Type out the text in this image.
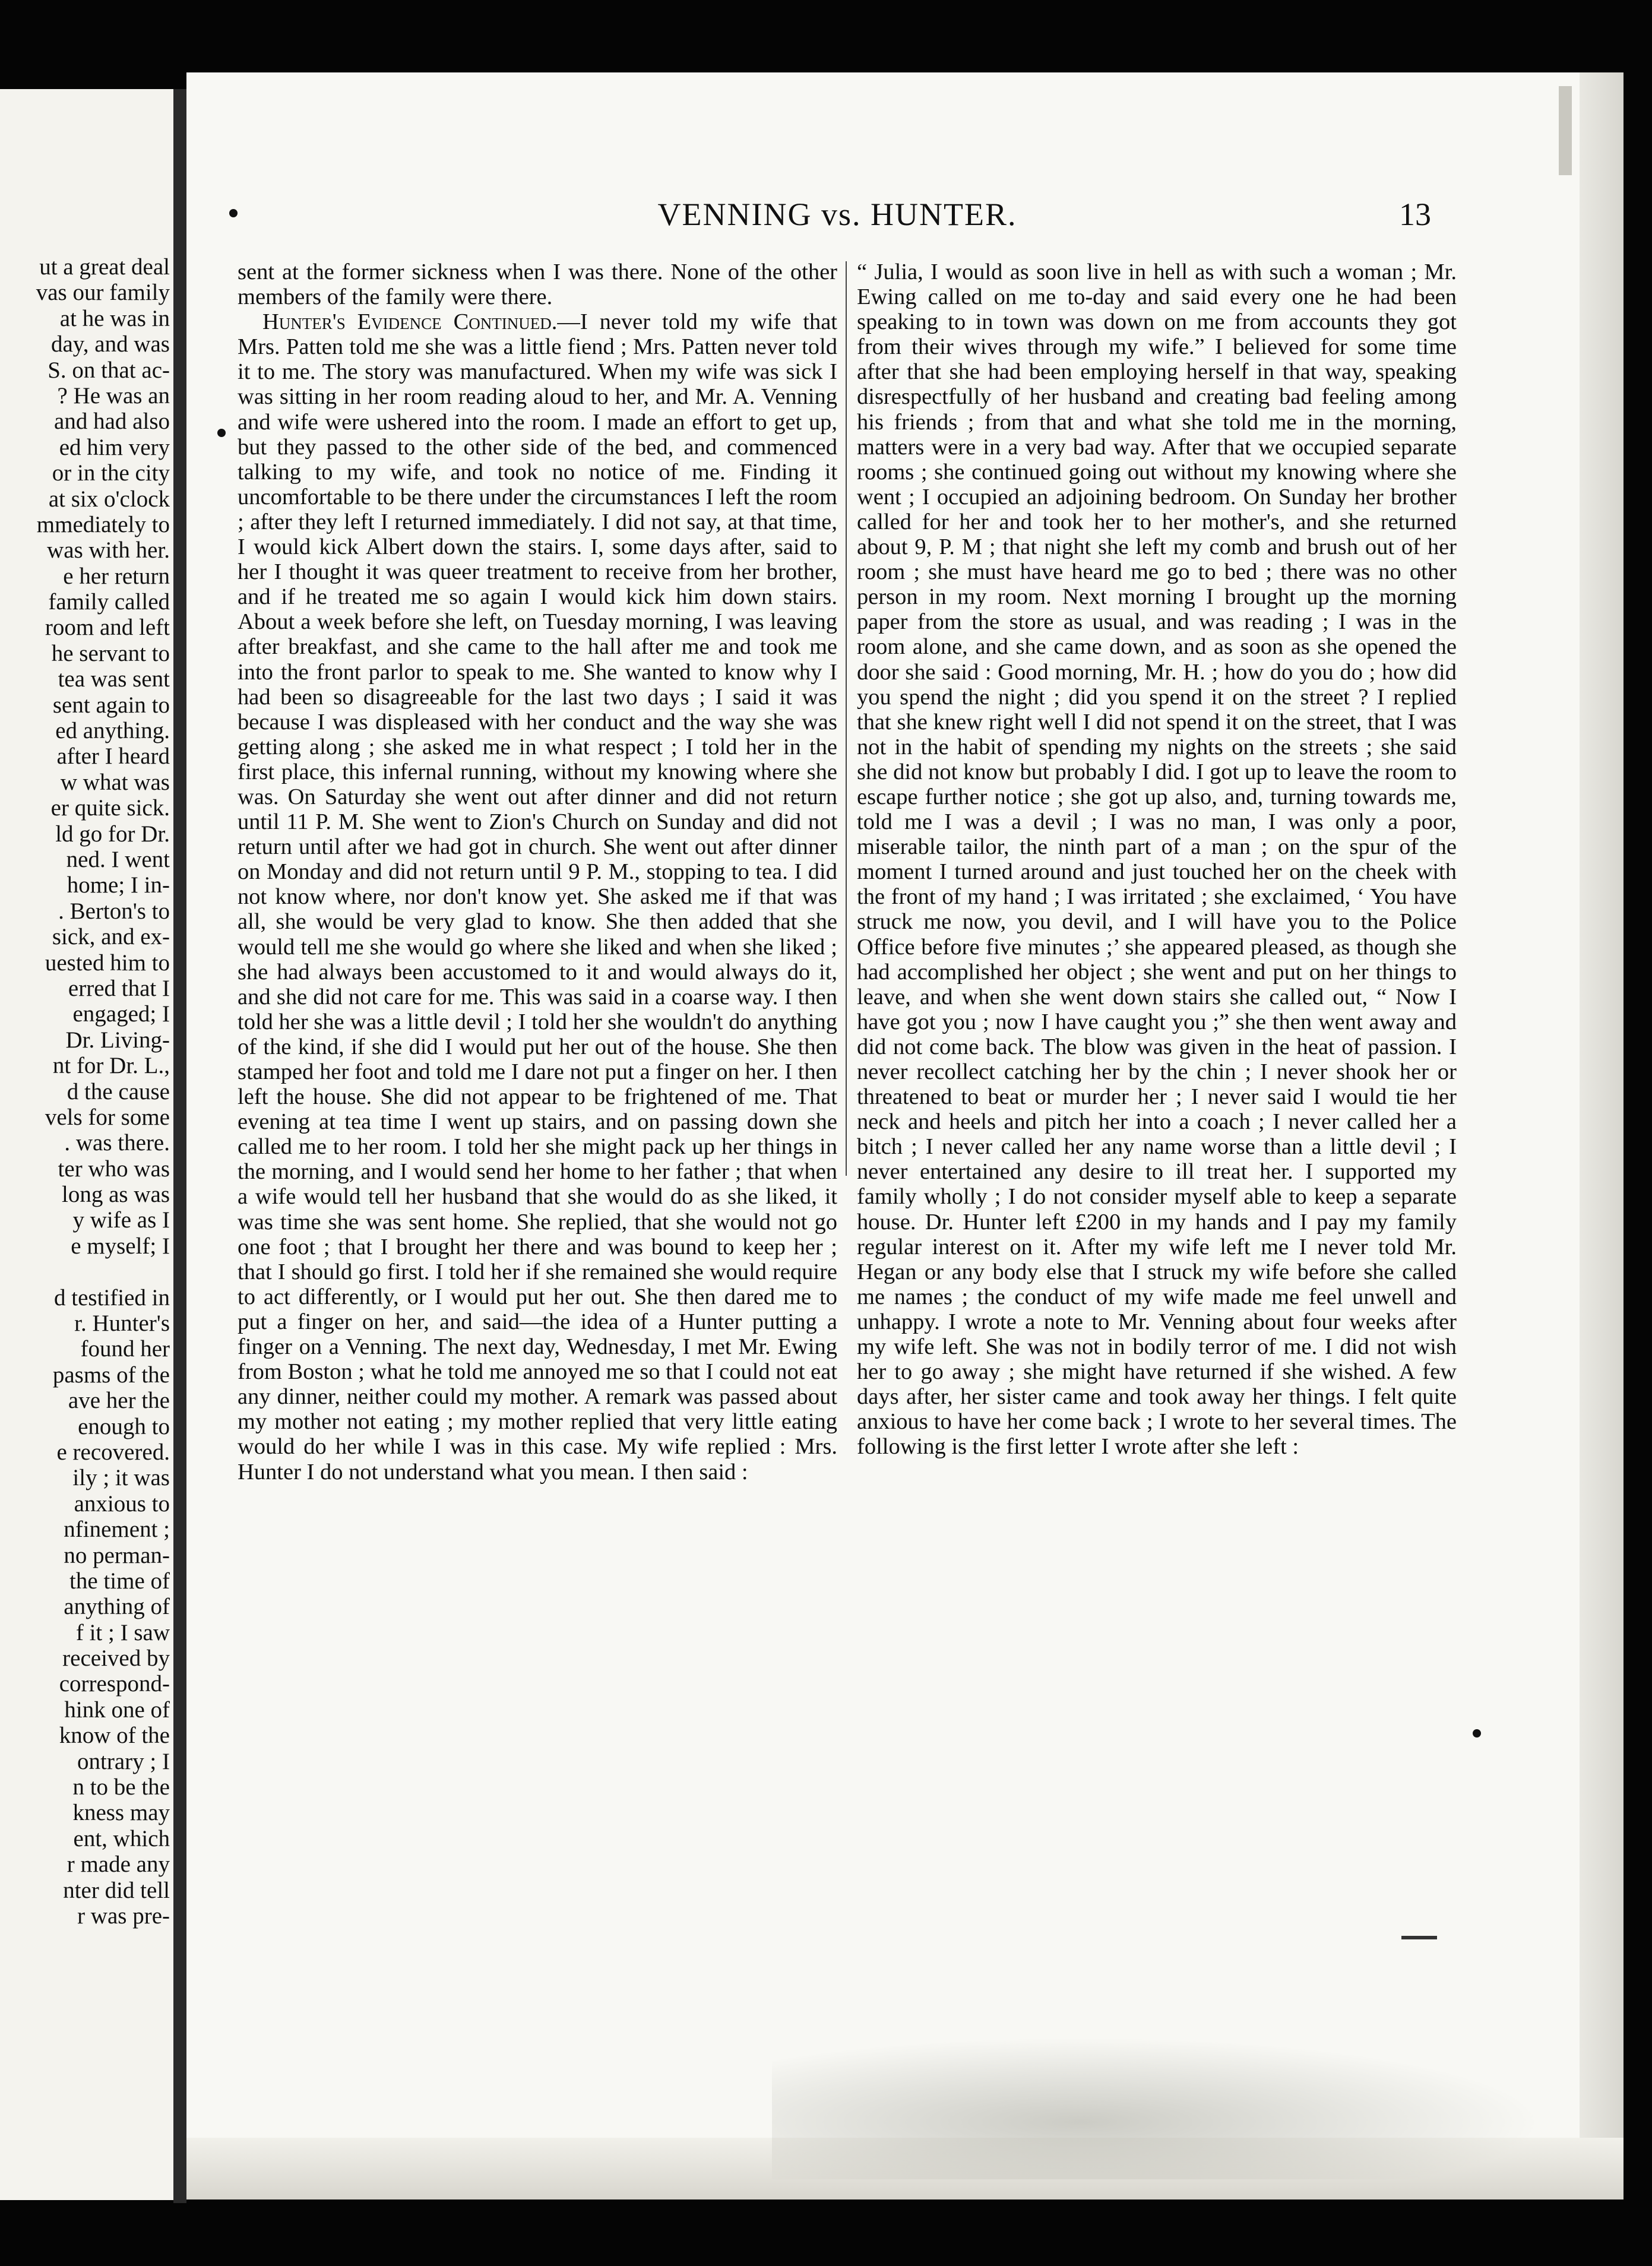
ut a great deal
vas our family
at he was in
day, and was
S. on that ac-
? He was an
and had also
ed him very
or in the city
at six o'clock
mmediately to
was with her.
e her return
family called
room and left
he servant to
tea was sent
sent again to
ed anything.
after I heard
w what was
er quite sick.
ld go for Dr.
ned. I went
home; I in-
. Berton's to
sick, and ex-
uested him to
erred that I
engaged; I
Dr. Living-
nt for Dr. L.,
d the cause
vels for some
. was there.
ter who was
long as was
y wife as I
e myself; I
d testified in
r. Hunter's
found her
pasms of the
ave her the
enough to
e recovered.
ily ; it was
anxious to
nfinement ;
no perman-
the time of
anything of
f it ; I saw
received by
correspond-
hink one of
know of the
ontrary ; I
n to be the
kness may
ent, which
r made any
nter did tell
r was pre-
VENNING vs. HUNTER.	13

sent at the former sickness when I was there. None of the other members of the family were there.

Hunter's Evidence Continued.—I never told my wife that Mrs. Patten told me she was a little fiend ; Mrs. Patten never told it to me. The story was manufactured. When my wife was sick I was sitting in her room reading aloud to her, and Mr. A. Venning and wife were ushered into the room. I made an effort to get up, but they passed to the other side of the bed, and commenced talking to my wife, and took no notice of me. Finding it uncomfortable to be there under the circumstances I left the room ; after they left I returned immediately. I did not say, at that time, I would kick Albert down the stairs. I, some days after, said to her I thought it was queer treatment to receive from her brother, and if he treated me so again I would kick him down stairs. About a week before she left, on Tuesday morning, I was leaving after breakfast, and she came to the hall after me and took me into the front parlor to speak to me. She wanted to know why I had been so disagreeable for the last two days ; I said it was because I was displeased with her conduct and the way she was getting along ; she asked me in what respect ; I told her in the first place, this infernal running, without my knowing where she was. On Saturday she went out after dinner and did not return until 11 P. M. She went to Zion's Church on Sunday and did not return until after we had got in church. She went out after dinner on Monday and did not return until 9 P. M., stopping to tea. I did not know where, nor don't know yet. She asked me if that was all, she would be very glad to know. She then added that she would tell me she would go where she liked and when she liked ; she had always been accustomed to it and would always do it, and she did not care for me. This was said in a coarse way. I then told her she was a little devil ; I told her she wouldn't do anything of the kind, if she did I would put her out of the house. She then stamped her foot and told me I dare not put a finger on her. I then left the house. She did not appear to be frightened of me. That evening at tea time I went up stairs, and on passing down she called me to her room. I told her she might pack up her things in the morning, and I would send her home to her father ; that when a wife would tell her husband that she would do as she liked, it was time she was sent home. She replied, that she would not go one foot ; that I brought her there and was bound to keep her ; that I should go first. I told her if she remained she would require to act differently, or I would put her out. She then dared me to put a finger on her, and said—the idea of a Hunter putting a finger on a Venning. The next day, Wednesday, I met Mr. Ewing from Boston ; what he told me annoyed me so that I could not eat any dinner, neither could my mother. A remark was passed about my mother not eating ; my mother replied that very little eating would do her while I was in this case. My wife replied : Mrs. Hunter I do not understand what you mean. I then said :

“ Julia, I would as soon live in hell as with such a woman ; Mr. Ewing called on me to-day and said every one he had been speaking to in town was down on me from accounts they got from their wives through my wife.” I believed for some time after that she had been employing herself in that way, speaking disrespectfully of her husband and creating bad feeling among his friends ; from that and what she told me in the morning, matters were in a very bad way. After that we occupied separate rooms ; she continued going out without my knowing where she went ; I occupied an adjoining bedroom. On Sunday her brother called for her and took her to her mother's, and she returned about 9, P. M ; that night she left my comb and brush out of her room ; she must have heard me go to bed ; there was no other person in my room. Next morning I brought up the morning paper from the store as usual, and was reading ; I was in the room alone, and she came down, and as soon as she opened the door she said : Good morning, Mr. H. ; how do you do ; how did you spend the night ; did you spend it on the street ? I replied that she knew right well I did not spend it on the street, that I was not in the habit of spending my nights on the streets ; she said she did not know but probably I did. I got up to leave the room to escape further notice ; she got up also, and, turning towards me, told me I was a devil ; I was no man, I was only a poor, miserable tailor, the ninth part of a man ; on the spur of the moment I turned around and just touched her on the cheek with the front of my hand ; I was irritated ; she exclaimed, ‘ You have struck me now, you devil, and I will have you to the Police Office before five minutes ;’ she appeared pleased, as though she had accomplished her object ; she went and put on her things to leave, and when she went down stairs she called out, “ Now I have got you ; now I have caught you ;” she then went away and did not come back. The blow was given in the heat of passion. I never recollect catching her by the chin ; I never shook her or threatened to beat or murder her ; I never said I would tie her neck and heels and pitch her into a coach ; I never called her a bitch ; I never called her any name worse than a little devil ; I never entertained any desire to ill treat her. I supported my family wholly ; I do not consider myself able to keep a separate house. Dr. Hunter left £200 in my hands and I pay my family regular interest on it. After my wife left me I never told Mr. Hegan or any body else that I struck my wife before she called me names ; the conduct of my wife made me feel unwell and unhappy. I wrote a note to Mr. Venning about four weeks after my wife left. She was not in bodily terror of me. I did not wish her to go away ; she might have returned if she wished. A few days after, her sister came and took away her things. I felt quite anxious to have her come back ; I wrote to her several times. The following is the first letter I wrote after she left :
